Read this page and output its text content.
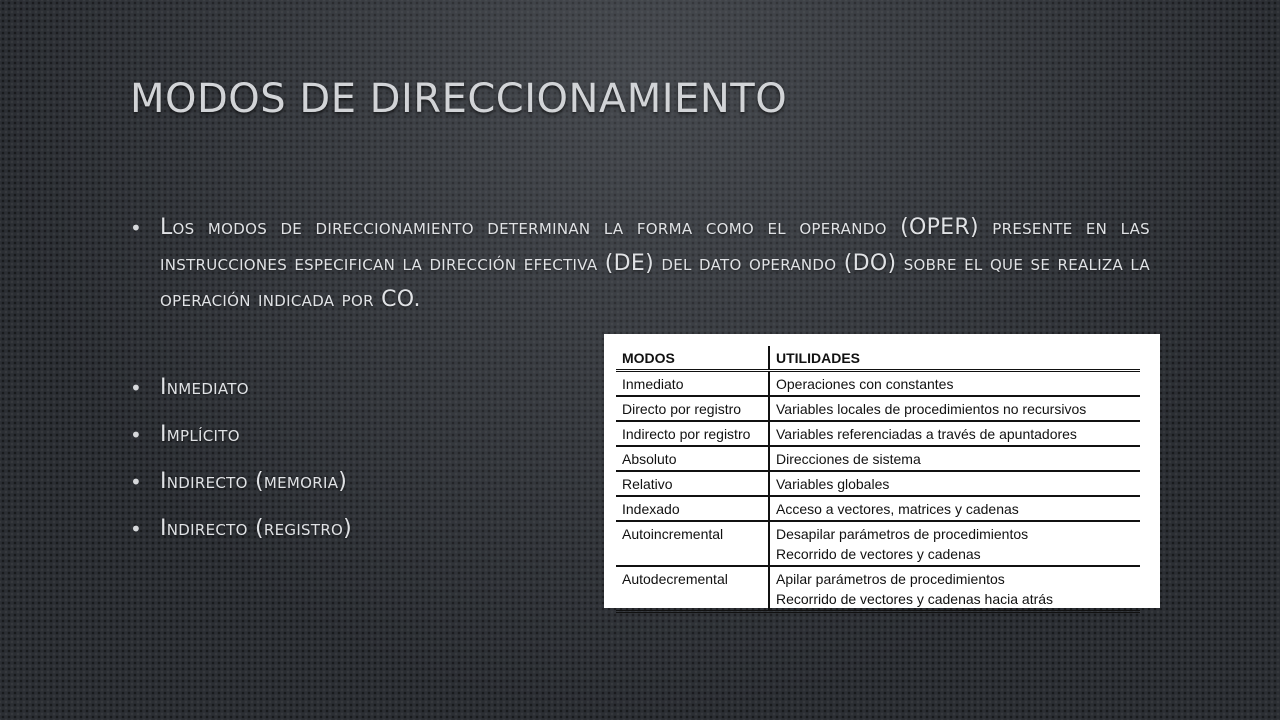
MODOS DE DIRECCIONAMIENTO
• Los modos de direccionamiento determinan la forma como el operando (OPER) presente en las instrucciones especifican la dirección efectiva (DE) del dato operando (DO) sobre el que se realiza la operación indicada por CO.
• Inmediato
• Implícito
• Indirecto (memoria)
• Indirecto (registro)
MODOS	UTILIDADES
Inmediato	Operaciones con constantes

Directo por registro	Variables locales de procedimientos no recursivos

Indirecto por registro	Variables referenciadas a través de apuntadores

Absoluto	Direcciones de sistema

Relativo	Variables globales

Indexado	Acceso a vectores, matrices y cadenas

Autoincremental	Desapilar parámetros de procedimientos
Recorrido de vectores y cadenas

Autodecremental	Apilar parámetros de procedimientos
Recorrido de vectores y cadenas hacia atrás
